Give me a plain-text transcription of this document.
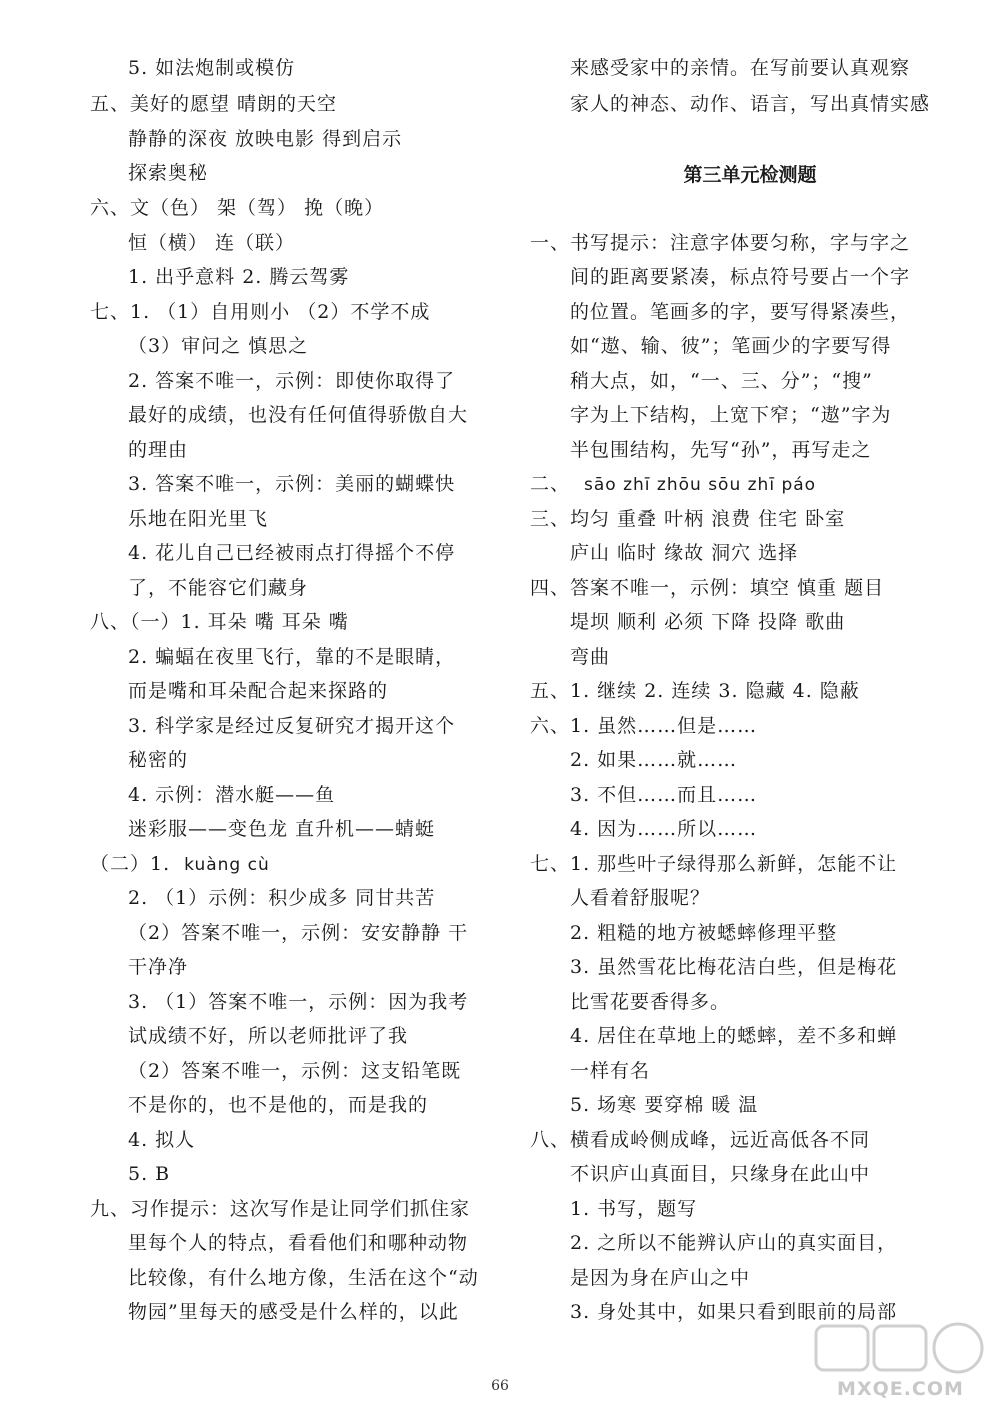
5. 如法炮制或模仿
五、美好的愿望 晴朗的天空
静静的深夜 放映电影 得到启示
探索奥秘
六、文（色） 架（驾） 挽（晚）
恒（横） 连（联）
1. 出乎意料 2. 腾云驾雾
七、1. （1）自用则小 （2）不学不成
（3）审问之 慎思之
2. 答案不唯一，示例：即使你取得了
最好的成绩，也没有任何值得骄傲自大
的理由
3. 答案不唯一，示例：美丽的蝴蝶快
乐地在阳光里飞
4. 花儿自己已经被雨点打得摇个不停
了，不能容它们藏身
八、（一）1. 耳朵 嘴 耳朵 嘴
2. 蝙蝠在夜里飞行，靠的不是眼睛，
而是嘴和耳朵配合起来探路的
3. 科学家是经过反复研究才揭开这个
秘密的
4. 示例：潜水艇——鱼
迷彩服——变色龙 直升机——蜻蜓
（二）1. kuàng cù
2. （1）示例：积少成多 同甘共苦
（2）答案不唯一，示例：安安静静 干
干净净
3. （1）答案不唯一，示例：因为我考
试成绩不好，所以老师批评了我
（2）答案不唯一，示例：这支铅笔既
不是你的，也不是他的，而是我的
4. 拟人
5. B
九、习作提示：这次写作是让同学们抓住家
里每个人的特点，看看他们和哪种动物
比较像，有什么地方像，生活在这个“动
物园”里每天的感受是什么样的，以此
第三单元检测题
来感受家中的亲情。在写前要认真观察
家人的神态、动作、语言，写出真情实感
一、书写提示：注意字体要匀称，字与字之
间的距离要紧凑，标点符号要占一个字
的位置。笔画多的字，要写得紧凑些，
如“遨、输、彼”；笔画少的字要写得
稍大点，如，“一、三、分”；“搜”
字为上下结构，上宽下窄；“遨”字为
半包围结构，先写“孙”，再写走之
二、 sāo zhī zhōu sōu zhī páo
三、均匀 重叠 叶柄 浪费 住宅 卧室
庐山 临时 缘故 洞穴 选择
四、答案不唯一，示例：填空 慎重 题目
堤坝 顺利 必须 下降 投降 歌曲
弯曲
五、1. 继续 2. 连续 3. 隐藏 4. 隐蔽
六、1. 虽然……但是……
2. 如果……就……
3. 不但……而且……
4. 因为……所以……
七、1. 那些叶子绿得那么新鲜，怎能不让
人看着舒服呢？
2. 粗糙的地方被蟋蟀修理平整
3. 虽然雪花比梅花洁白些，但是梅花
比雪花要香得多。
4. 居住在草地上的蟋蟀，差不多和蝉
一样有名
5. 场寒 要穿棉 暖 温
八、横看成岭侧成峰，远近高低各不同
不识庐山真面目，只缘身在此山中
1. 书写，题写
2. 之所以不能辨认庐山的真实面目，
是因为身在庐山之中
3. 身处其中，如果只看到眼前的局部
66	MXQE.COM
